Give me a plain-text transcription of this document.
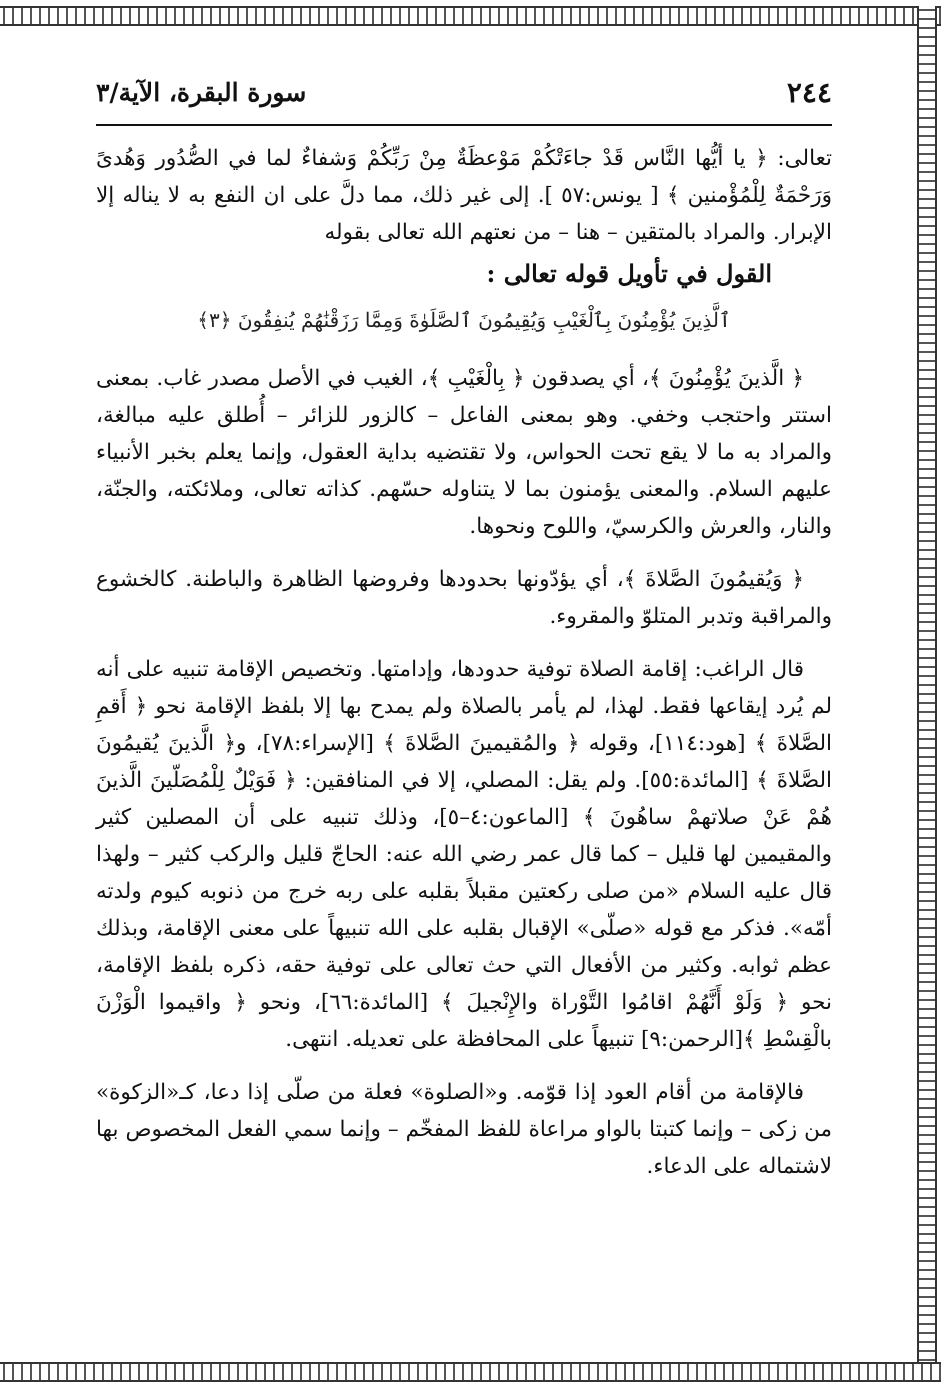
٢٤٤
سورة البقرة، الآية/٣

تعالى: ﴿ يا أيُّها النَّاس قَدْ جاءَتْكُمْ مَوْعظَةٌ مِنْ رَبِّكُمْ وَشفاءٌ لما في الصُّدُور وَهُدىً وَرَحْمَةٌ لِلْمُؤْمنين ﴾ [ يونس:٥٧ ]. إلى غير ذلك، مما دلَّ على ان النفع به لا يناله إلا الإبرار. والمراد بالمتقين – هنا – من نعتهم الله تعالى بقوله

القول في تأويل قوله تعالى :

ٱلَّذِينَ يُؤْمِنُونَ بِٱلْغَيْبِ وَيُقِيمُونَ ٱلصَّلَوٰةَ وَمِمَّا رَزَقْنَٰهُمْ يُنفِقُونَ ﴿٣﴾

﴿ الَّذينَ يُؤْمِنُونَ ﴾، أي يصدقون ﴿ بِالْغَيْبِ ﴾، الغيب في الأصل مصدر غاب. بمعنى استتر واحتجب وخفي. وهو بمعنى الفاعل – كالزور للزائر – أُطلق عليه مبالغة، والمراد به ما لا يقع تحت الحواس، ولا تقتضيه بداية العقول، وإنما يعلم بخبر الأنبياء عليهم السلام. والمعنى يؤمنون بما لا يتناوله حسّهم. كذاته تعالى، وملائكته، والجنّة، والنار، والعرش والكرسيّ، واللوح ونحوها.

﴿ وَيُقيمُونَ الصَّلاةَ ﴾، أي يؤدّونها بحدودها وفروضها الظاهرة والباطنة. كالخشوع والمراقبة وتدبر المتلوّ والمقروء.

قال الراغب: إقامة الصلاة توفية حدودها، وإدامتها. وتخصيص الإقامة تنبيه على أنه لم يُرد إيقاعها فقط. لهذا، لم يأمر بالصلاة ولم يمدح بها إلا بلفظ الإقامة نحو ﴿ أَقمِ الصَّلاةَ ﴾ [هود:١١٤]، وقوله ﴿ والمُقيمينَ الصَّلاةَ ﴾ [الإسراء:٧٨]، و﴿ الَّذينَ يُقيمُونَ الصَّلاةَ ﴾ [المائدة:٥٥]. ولم يقل: المصلي، إلا في المنافقين: ﴿ فَوَيْلٌ لِلْمُصَلّينَ الَّذينَ هُمْ عَنْ صلاتهمْ ساهُونَ ﴾ [الماعون:٤–٥]، وذلك تنبيه على أن المصلين كثير والمقيمين لها قليل – كما قال عمر رضي الله عنه: الحاجّ قليل والركب كثير – ولهذا قال عليه السلام «من صلى ركعتين مقبلاً بقلبه على ربه خرج من ذنوبه كيوم ولدته أمّه». فذكر مع قوله «صلّى» الإقبال بقلبه على الله تنبيهاً على معنى الإقامة، وبذلك عظم ثوابه. وكثير من الأفعال التي حث تعالى على توفية حقه، ذكره بلفظ الإقامة، نحو ﴿ وَلَوْ أَنَّهُمْ اقامُوا التَّوْراة والإِنْجيلَ ﴾ [المائدة:٦٦]، ونحو ﴿ واقيموا الْوَزْنَ بالْقِسْطِ ﴾[الرحمن:٩] تنبيهاً على المحافظة على تعديله. انتهى.

فالإقامة من أقام العود إذا قوّمه. و«الصلوة» فعلة من صلّى إذا دعا، كـ«الزكوة» من زكى – وإنما كتبتا بالواو مراعاة للفظ المفخّم – وإنما سمي الفعل المخصوص بها لاشتماله على الدعاء.
